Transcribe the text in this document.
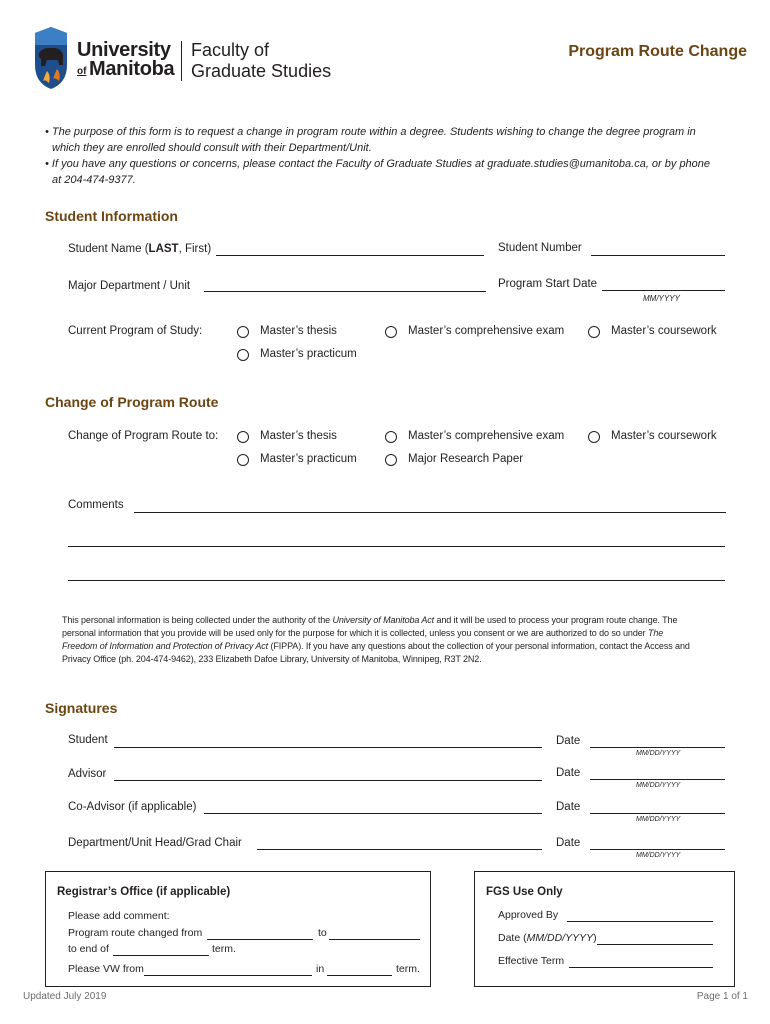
University
of Manitoba
Faculty of
Graduate Studies
Program Route Change
• The purpose of this form is to request a change in program route within a degree. Students wishing to change the degree program in
which they are enrolled should consult with their Department/Unit.
• If you have any questions or concerns, please contact the Faculty of Graduate Studies at graduate.studies@umanitoba.ca, or by phone
at 204-474-9377.
Student Information
Student Name (LAST, First)	Student Number
Major Department / Unit	Program Start Date
MM/YYYY
Current Program of Study:	Master’s thesis	Master’s comprehensive exam	Master’s coursework
Master’s practicum
Change of Program Route
Change of Program Route to:	Master’s thesis	Master’s comprehensive exam	Master’s coursework
Master’s practicum	Major Research Paper
Comments
This personal information is being collected under the authority of the University of Manitoba Act and it will be used to process your program route change. The
personal information that you provide will be used only for the purpose for which it is collected, unless you consent or we are authorized to do so under The
Freedom of Information and Protection of Privacy Act (FIPPA). If you have any questions about the collection of your personal information, contact the Access and
Privacy Office (ph. 204-474-9462), 233 Elizabeth Dafoe Library, University of Manitoba, Winnipeg, R3T 2N2.
Signatures
Student	Date
MM/DD/YYYY
Advisor	Date
MM/DD/YYYY
Co-Advisor (if applicable)	Date
MM/DD/YYYY
Department/Unit Head/Grad Chair	Date
MM/DD/YYYY
Registrar’s Office (if applicable)
Please add comment:
Program route changed from	to
to end of	term.
Please VW from	in	term.
FGS Use Only
Approved By
Date (MM/DD/YYYY)
Effective Term
Updated July 2019	Page 1 of 1
